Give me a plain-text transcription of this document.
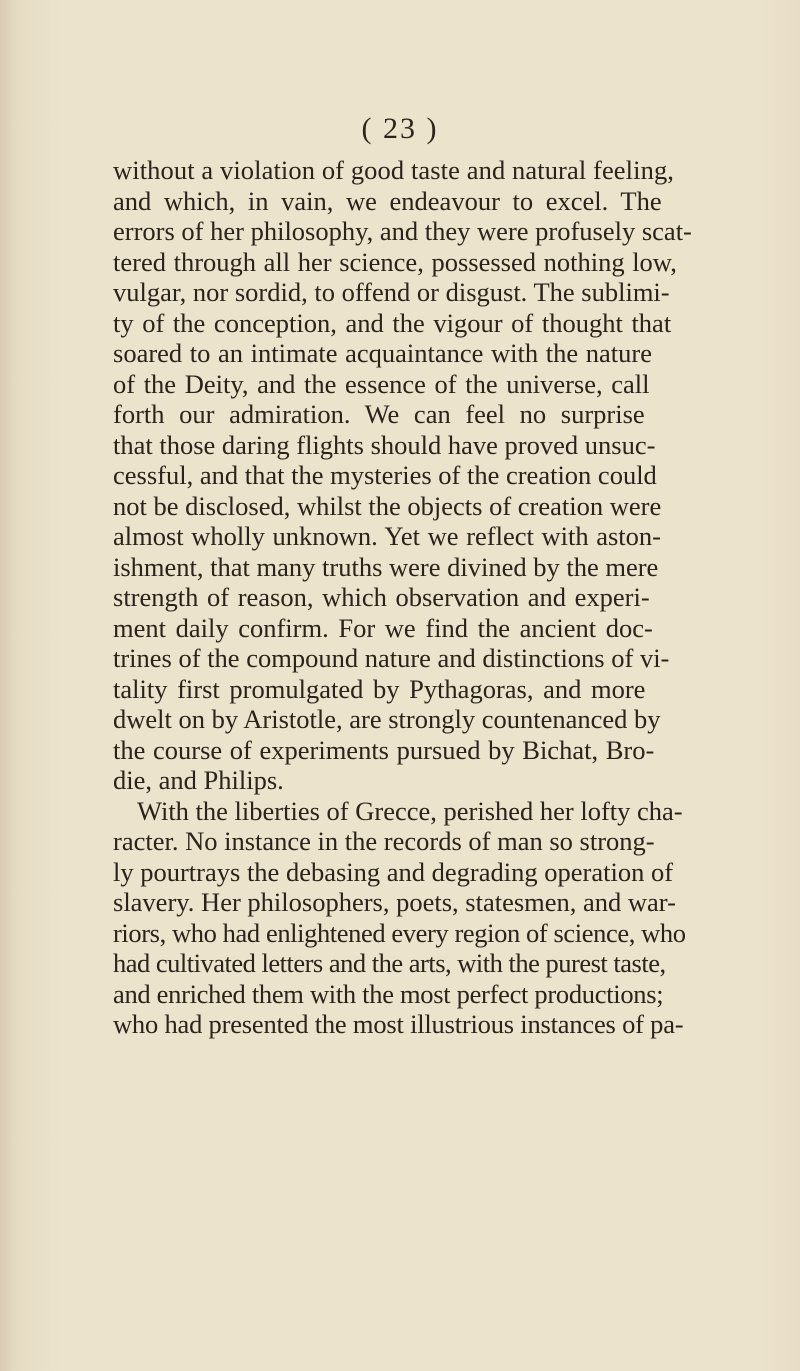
( 23 )
without a violation of good taste and natural feeling,
and which, in vain, we endeavour to excel. The
errors of her philosophy, and they were profusely scat-
tered through all her science, possessed nothing low,
vulgar, nor sordid, to offend or disgust. The sublimi-
ty of the conception, and the vigour of thought that
soared to an intimate acquaintance with the nature
of the Deity, and the essence of the universe, call
forth our admiration. We can feel no surprise
that those daring flights should have proved unsuc-
cessful, and that the mysteries of the creation could
not be disclosed, whilst the objects of creation were
almost wholly unknown. Yet we reflect with aston-
ishment, that many truths were divined by the mere
strength of reason, which observation and experi-
ment daily confirm. For we find the ancient doc-
trines of the compound nature and distinctions of vi-
tality first promulgated by Pythagoras, and more
dwelt on by Aristotle, are strongly countenanced by
the course of experiments pursued by Bichat, Bro-
die, and Philips.
With the liberties of Grecce, perished her lofty cha-
racter. No instance in the records of man so strong-
ly pourtrays the debasing and degrading operation of
slavery. Her philosophers, poets, statesmen, and war-
riors, who had enlightened every region of science, who
had cultivated letters and the arts, with the purest taste,
and enriched them with the most perfect productions;
who had presented the most illustrious instances of pa-
